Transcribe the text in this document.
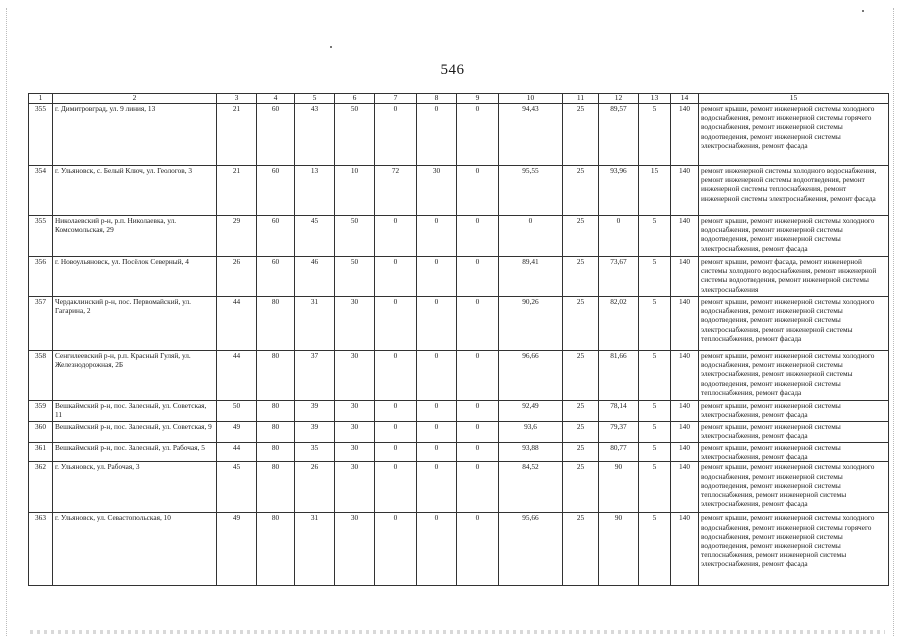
546
1	2	3	4	5	6	7	8	9	10	11	12	13	14	15
355	г. Димитровград, ул. 9 линия, 13	21	60	43	50	0	0	0	94,43	25	89,57	5	140	ремонт крыши, ремонт инженерной системы холодного водоснабжения, ремонт инженерной системы горячего водоснабжения, ремонт инженерной системы водоотведения, ремонт инженерной системы электроснабжения, ремонт фасада
354	г. Ульяновск, с. Белый Ключ, ул. Геологов, 3	21	60	13	10	72	30	0	95,55	25	93,96	15	140	ремонт инженерной системы холодного водоснабжения, ремонт инженерной системы водоотведения, ремонт инженерной системы теплоснабжения, ремонт инженерной системы электроснабжения, ремонт фасада
355	Николаевский р-н, р.п. Николаевка, ул. Комсомольская, 29	29	60	45	50	0	0	0	0	25	0	5	140	ремонт крыши, ремонт инженерной системы холодного водоснабжения, ремонт инженерной системы водоотведения, ремонт инженерной системы электроснабжения, ремонт фасада
356	г. Новоульяновск, ул. Посёлок Северный, 4	26	60	46	50	0	0	0	89,41	25	73,67	5	140	ремонт крыши, ремонт фасада, ремонт инженерной системы холодного водоснабжения, ремонт инженерной системы водоотведения, ремонт инженерной системы электроснабжения
357	Чердаклинский р-н, пос. Первомайский, ул. Гагарина, 2	44	80	31	30	0	0	0	90,26	25	82,02	5	140	ремонт крыши, ремонт инженерной системы холодного водоснабжения, ремонт инженерной системы водоотведения, ремонт инженерной системы электроснабжения, ремонт инженерной системы теплоснабжения, ремонт фасада
358	Сенгилеевский р-н, р.п. Красный Гуляй, ул. Железнодорожная, 2Б	44	80	37	30	0	0	0	96,66	25	81,66	5	140	ремонт крыши, ремонт инженерной системы холодного водоснабжения, ремонт инженерной системы электроснабжения, ремонт инженерной системы водоотведения, ремонт инженерной системы теплоснабжения, ремонт фасада
359	Вешкаймский р-н, пос. Залесный, ул. Советская, 11	50	80	39	30	0	0	0	92,49	25	78,14	5	140	ремонт крыши, ремонт инженерной системы электроснабжения, ремонт фасада
360	Вешкаймский р-н, пос. Залесный, ул. Советская, 9	49	80	39	30	0	0	0	93,6	25	79,37	5	140	ремонт крыши, ремонт инженерной системы электроснабжения, ремонт фасада
361	Вешкаймский р-н, пос. Залесный, ул. Рабочая, 5	44	80	35	30	0	0	0	93,88	25	80,77	5	140	ремонт крыши, ремонт инженерной системы электроснабжения, ремонт фасада
362	г. Ульяновск, ул. Рабочая, 3	45	80	26	30	0	0	0	84,52	25	90	5	140	ремонт крыши, ремонт инженерной системы холодного водоснабжения, ремонт инженерной системы водоотведения, ремонт инженерной системы теплоснабжения, ремонт инженерной системы электроснабжения, ремонт фасада
363	г. Ульяновск, ул. Севастопольская, 10	49	80	31	30	0	0	0	95,66	25	90	5	140	ремонт крыши, ремонт инженерной системы холодного водоснабжения, ремонт инженерной системы горячего водоснабжения, ремонт инженерной системы водоотведения, ремонт инженерной системы теплоснабжения, ремонт инженерной системы электроснабжения, ремонт фасада
